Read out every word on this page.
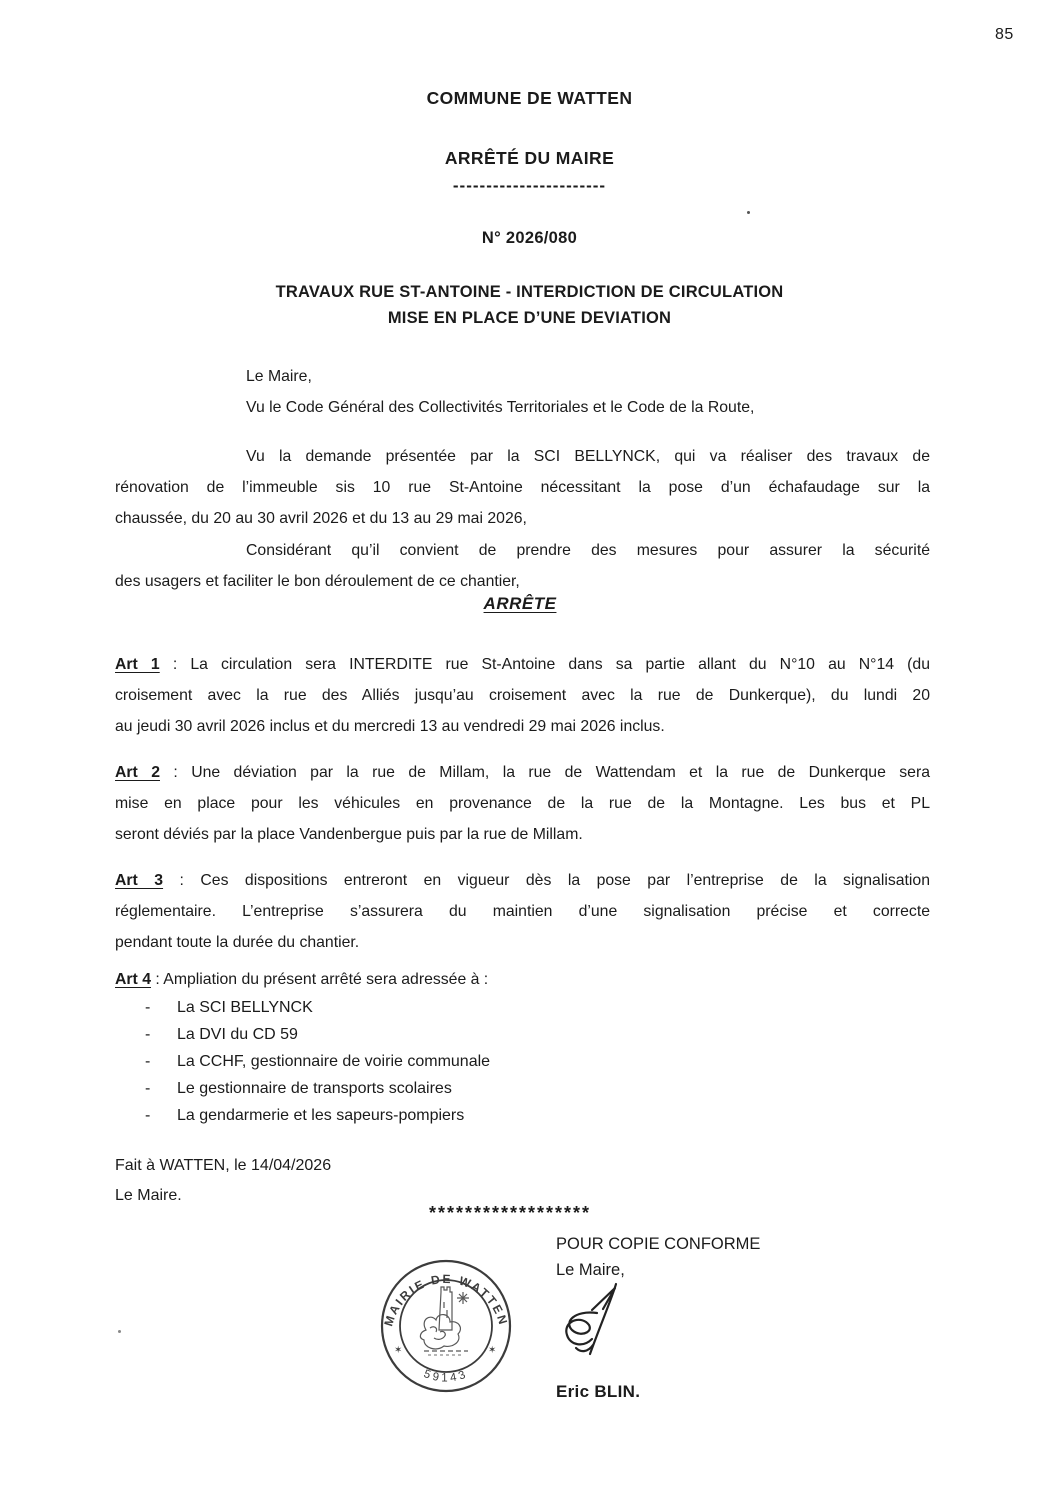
85
COMMUNE DE WATTEN
ARRÊTÉ DU MAIRE
-----------------------
N° 2026/080
TRAVAUX RUE ST-ANTOINE - INTERDICTION DE CIRCULATION
MISE EN PLACE D’UNE DEVIATION
Le Maire,
Vu le Code Général des Collectivités Territoriales et le Code de la Route,
Vu la demande présentée par la SCI BELLYNCK, qui va réaliser des travaux de
rénovation de l’immeuble sis 10 rue St-Antoine nécessitant la pose d’un échafaudage sur la
chaussée, du 20 au 30 avril 2026 et du 13 au 29 mai 2026,
Considérant qu’il convient de prendre des mesures pour assurer la sécurité
des usagers et faciliter le bon déroulement de ce chantier,
ARRÊTE
Art 1 : La circulation sera INTERDITE rue St-Antoine dans sa partie allant du N°10 au N°14 (du
croisement avec la rue des Alliés jusqu’au croisement avec la rue de Dunkerque), du lundi 20
au jeudi 30 avril 2026 inclus et du mercredi 13 au vendredi 29 mai 2026 inclus.
Art 2 : Une déviation par la rue de Millam, la rue de Wattendam et la rue de Dunkerque sera
mise en place pour les véhicules en provenance de la rue de la Montagne. Les bus et PL
seront déviés par la place Vandenbergue puis par la rue de Millam.
Art 3 : Ces dispositions entreront en vigueur dès la pose par l’entreprise de la signalisation
réglementaire. L’entreprise s’assurera du maintien d’une signalisation précise et correcte
pendant toute la durée du chantier.
Art 4 : Ampliation du présent arrêté sera adressée à :
- La SCI BELLYNCK
- La DVI du CD 59
- La CCHF, gestionnaire de voirie communale
- Le gestionnaire de transports scolaires
- La gendarmerie et les sapeurs-pompiers
Fait à WATTEN, le 14/04/2026
Le Maire.
******************
POUR COPIE CONFORME
Le Maire,
MAIRIE DE WATTEN
59143
✶	✶
Eric BLIN.
